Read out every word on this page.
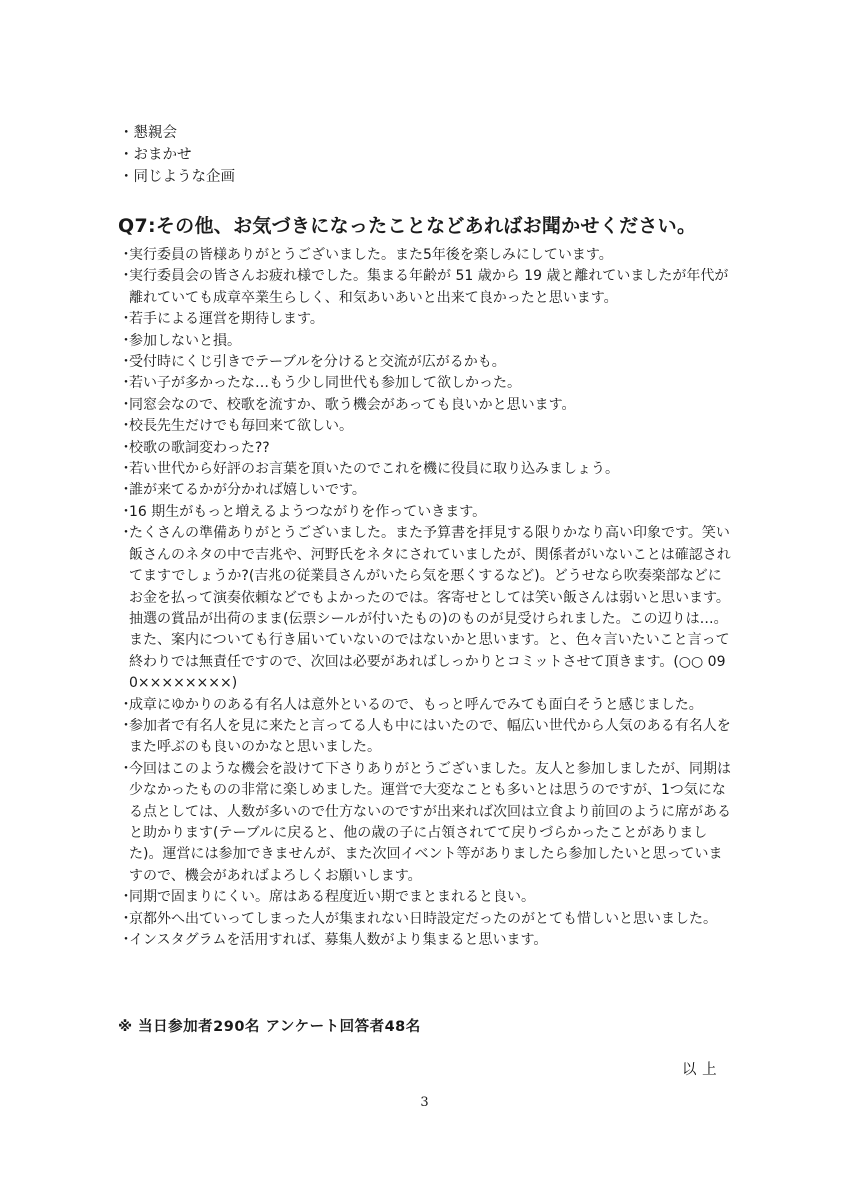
・懇親会
・おまかせ
・同じような企画
Q7:その他、お気づきになったことなどあればお聞かせください。
・
実行委員の皆様ありがとうございました。また5年後を楽しみにしています。
・
実行委員会の皆さんお疲れ様でした。集まる年齢が 51 歳から 19 歳と離れていましたが年代が離れていても成章卒業生らしく、和気あいあいと出来て良かったと思います。
・
若手による運営を期待します。
・
参加しないと損。
・
受付時にくじ引きでテーブルを分けると交流が広がるかも。
・
若い子が多かったな…もう少し同世代も参加して欲しかった。
・
同窓会なので、校歌を流すか、歌う機会があっても良いかと思います。
・
校長先生だけでも毎回来て欲しい。
・
校歌の歌詞変わった??
・
若い世代から好評のお言葉を頂いたのでこれを機に役員に取り込みましょう。
・
誰が来てるかが分かれば嬉しいです。
・
16 期生がもっと増えるようつながりを作っていきます。
・
たくさんの準備ありがとうございました。また予算書を拝見する限りかなり高い印象です。笑い飯さんのネタの中で吉兆や、河野氏をネタにされていましたが、関係者がいないことは確認されてますでしょうか?(吉兆の従業員さんがいたら気を悪くするなど)。どうせなら吹奏楽部などにお金を払って演奏依頼などでもよかったのでは。客寄せとしては笑い飯さんは弱いと思います。抽選の賞品が出荷のまま(伝票シールが付いたもの)のものが見受けられました。この辺りは…。また、案内についても行き届いていないのではないかと思います。と、色々言いたいこと言って終わりでは無責任ですので、次回は必要があればしっかりとコミットさせて頂きます。(○○ 090××××××××)
・
成章にゆかりのある有名人は意外といるので、もっと呼んでみても面白そうと感じました。
・
参加者で有名人を見に来たと言ってる人も中にはいたので、幅広い世代から人気のある有名人をまた呼ぶのも良いのかなと思いました。
・
今回はこのような機会を設けて下さりありがとうございました。友人と参加しましたが、同期は少なかったものの非常に楽しめました。運営で大変なことも多いとは思うのですが、1つ気になる点としては、人数が多いので仕方ないのですが出来れば次回は立食より前回のように席があると助かります(テーブルに戻ると、他の歳の子に占領されてて戻りづらかったことがありました)。運営には参加できませんが、また次回イベント等がありましたら参加したいと思っていますので、機会があればよろしくお願いします。
・
同期で固まりにくい。席はある程度近い期でまとまれると良い。
・
京都外へ出ていってしまった人が集まれない日時設定だったのがとても惜しいと思いました。
・
インスタグラムを活用すれば、募集人数がより集まると思います。
※ 当日参加者290名 アンケート回答者48名
以 上
3
